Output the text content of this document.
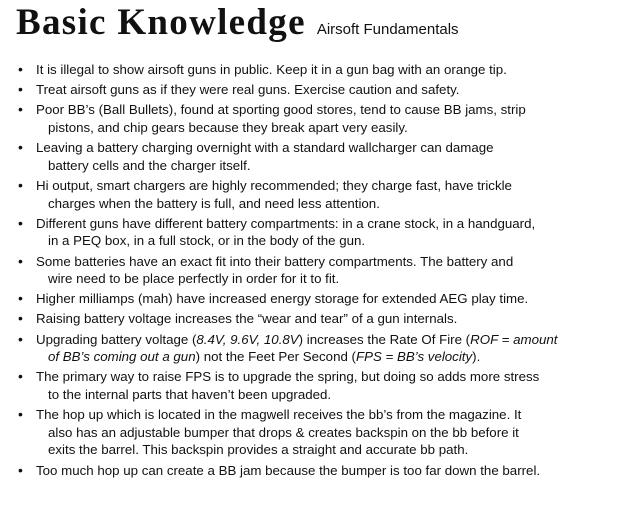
Basic Knowledge Airsoft Fundamentals
• It is illegal to show airsoft guns in public. Keep it in a gun bag with an orange tip.
• Treat airsoft guns as if they were real guns. Exercise caution and safety.
• Poor BB’s (Ball Bullets), found at sporting good stores, tend to cause BB jams, strip
pistons, and chip gears because they break apart very easily.
• Leaving a battery charging overnight with a standard wallcharger can damage
battery cells and the charger itself.
• Hi output, smart chargers are highly recommended; they charge fast, have trickle
charges when the battery is full, and need less attention.
• Different guns have different battery compartments: in a crane stock, in a handguard,
in a PEQ box, in a full stock, or in the body of the gun.
• Some batteries have an exact fit into their battery compartments. The battery and
wire need to be place perfectly in order for it to fit.
• Higher milliamps (mah) have increased energy storage for extended AEG play time.
• Raising battery voltage increases the “wear and tear” of a gun internals.
• Upgrading battery voltage (8.4V, 9.6V, 10.8V) increases the Rate Of Fire (ROF = amount
of BB’s coming out a gun) not the Feet Per Second (FPS = BB’s velocity).
• The primary way to raise FPS is to upgrade the spring, but doing so adds more stress
to the internal parts that haven’t been upgraded.
• The hop up which is located in the magwell receives the bb’s from the magazine. It
also has an adjustable bumper that drops & creates backspin on the bb before it
exits the barrel. This backspin provides a straight and accurate bb path.
• Too much hop up can create a BB jam because the bumper is too far down the barrel.
